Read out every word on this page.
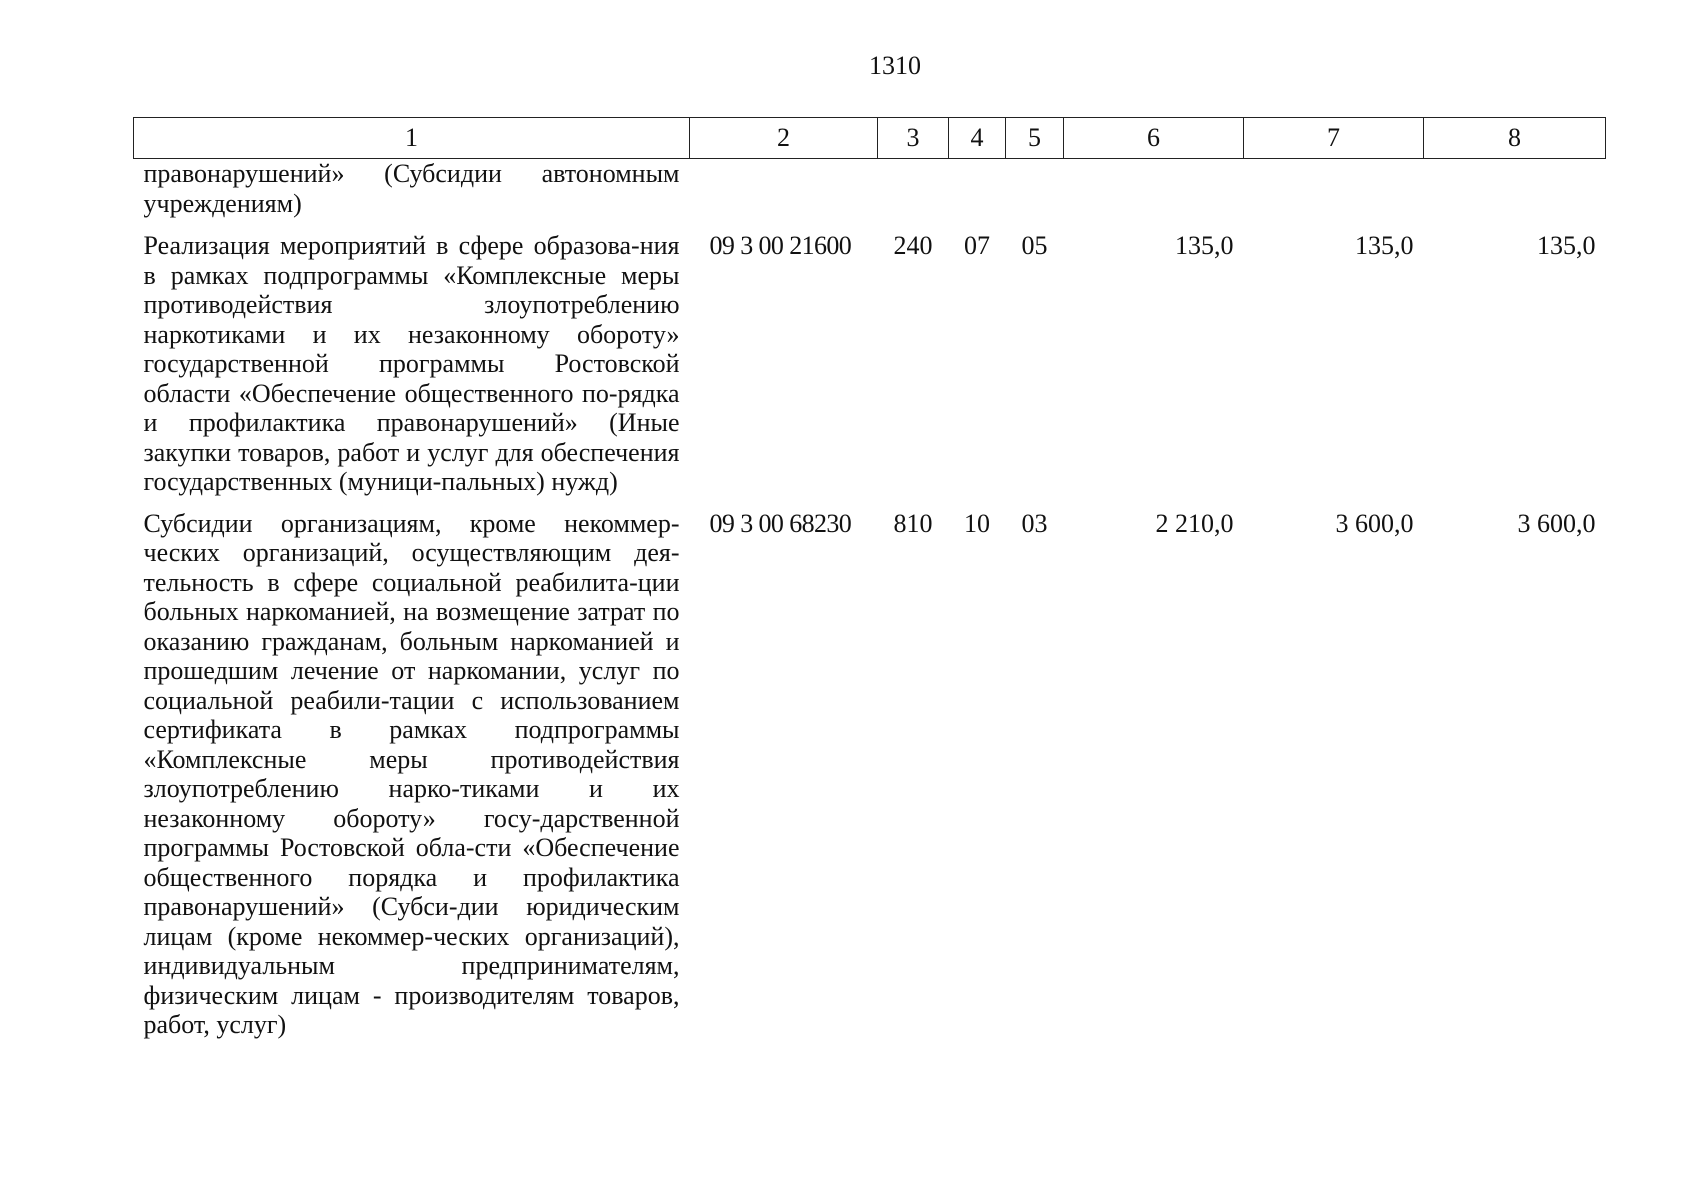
1310
1	2	3	4	5	6	7	8
правонарушений» (Субсидии автономным учреждениям)							
Реализация мероприятий в сфере образова-ния в рамках подпрограммы «Комплексные меры противодействия злоупотреблению наркотиками и их незаконному обороту» государственной программы Ростовской области «Обеспечение общественного по-рядка и профилактика правонарушений» (Иные закупки товаров, работ и услуг для обеспечения государственных (муници-пальных) нужд)	09 3 00 21600	240	07	05	135,0	135,0	135,0
Субсидии организациям, кроме некоммер-ческих организаций, осуществляющим дея-тельность в сфере социальной реабилита-ции больных наркоманией, на возмещение затрат по оказанию гражданам, больным наркоманией и прошедшим лечение от наркомании, услуг по социальной реабили-тации с использованием сертификата в рамках подпрограммы «Комплексные меры противодействия злоупотреблению нарко-тиками и их незаконному обороту» госу-дарственной программы Ростовской обла-сти «Обеспечение общественного порядка и профилактика правонарушений» (Субси-дии юридическим лицам (кроме некоммер-ческих организаций), индивидуальным предпринимателям, физическим лицам - производителям товаров, работ, услуг)	09 3 00 68230	810	10	03	2 210,0	3 600,0	3 600,0
